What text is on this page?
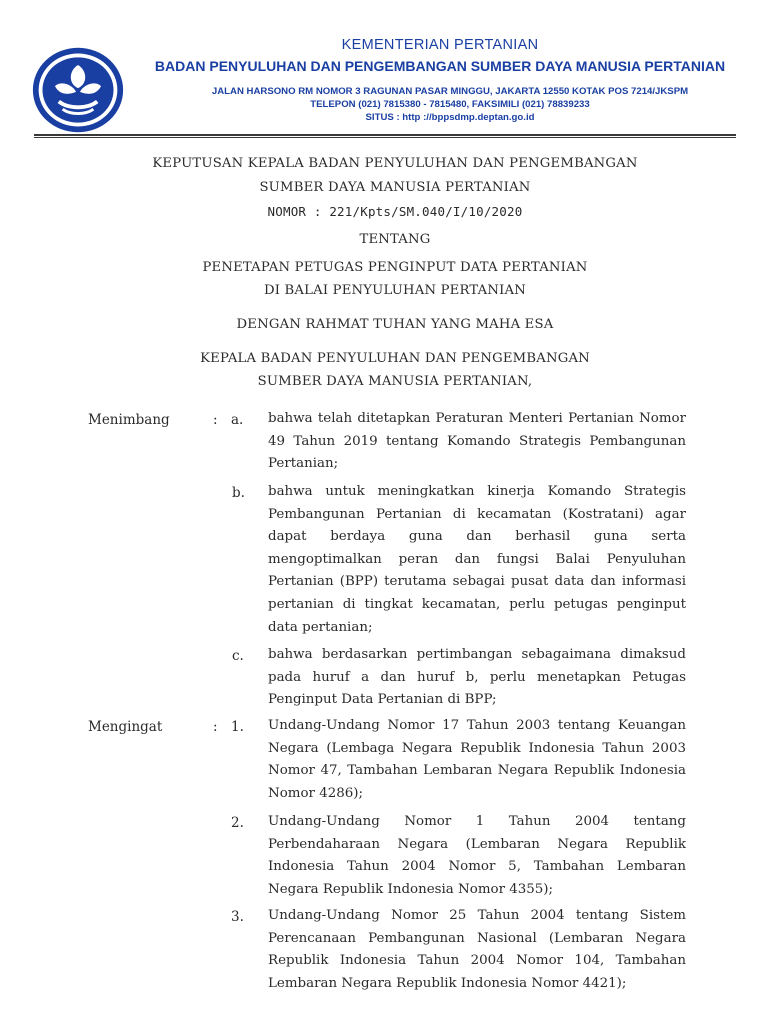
KEMENTERIAN PERTANIAN
BADAN PENYULUHAN DAN PENGEMBANGAN SUMBER DAYA MANUSIA PERTANIAN
JALAN HARSONO RM NOMOR 3 RAGUNAN PASAR MINGGU, JAKARTA 12550 KOTAK POS 7214/JKSPM
TELEPON (021) 7815380 - 7815480, FAKSIMILI (021) 78839233
SITUS : http ://bppsdmp.deptan.go.id
KEPUTUSAN KEPALA BADAN PENYULUHAN DAN PENGEMBANGAN
SUMBER DAYA MANUSIA PERTANIAN
NOMOR : 221/Kpts/SM.040/I/10/2020
TENTANG
PENETAPAN PETUGAS PENGINPUT DATA PERTANIAN
DI BALAI PENYULUHAN PERTANIAN
DENGAN RAHMAT TUHAN YANG MAHA ESA
KEPALA BADAN PENYULUHAN DAN PENGEMBANGAN
SUMBER DAYA MANUSIA PERTANIAN,
Menimbang	: a. bahwa telah ditetapkan Peraturan Menteri Pertanian Nomor 49 Tahun 2019 tentang Komando Strategis Pembangunan Pertanian;

b. bahwa untuk meningkatkan kinerja Komando Strategis Pembangunan Pertanian di kecamatan (Kostratani) agar dapat berdaya guna dan berhasil guna serta mengoptimalkan peran dan fungsi Balai Penyuluhan Pertanian (BPP) terutama sebagai pusat data dan informasi pertanian di tingkat kecamatan, perlu petugas penginput data pertanian;

c. bahwa berdasarkan pertimbangan sebagaimana dimaksud pada huruf a dan huruf b, perlu menetapkan Petugas Penginput Data Pertanian di BPP;

Mengingat	: 1. Undang-Undang Nomor 17 Tahun 2003 tentang Keuangan Negara (Lembaga Negara Republik Indonesia Tahun 2003 Nomor 47, Tambahan Lembaran Negara Republik Indonesia Nomor 4286);

2. Undang-Undang Nomor 1 Tahun 2004 tentang Perbendaharaan Negara (Lembaran Negara Republik Indonesia Tahun 2004 Nomor 5, Tambahan Lembaran Negara Republik Indonesia Nomor 4355);

3. Undang-Undang Nomor 25 Tahun 2004 tentang Sistem Perencanaan Pembangunan Nasional (Lembaran Negara Republik Indonesia Tahun 2004 Nomor 104, Tambahan Lembaran Negara Republik Indonesia Nomor 4421);
